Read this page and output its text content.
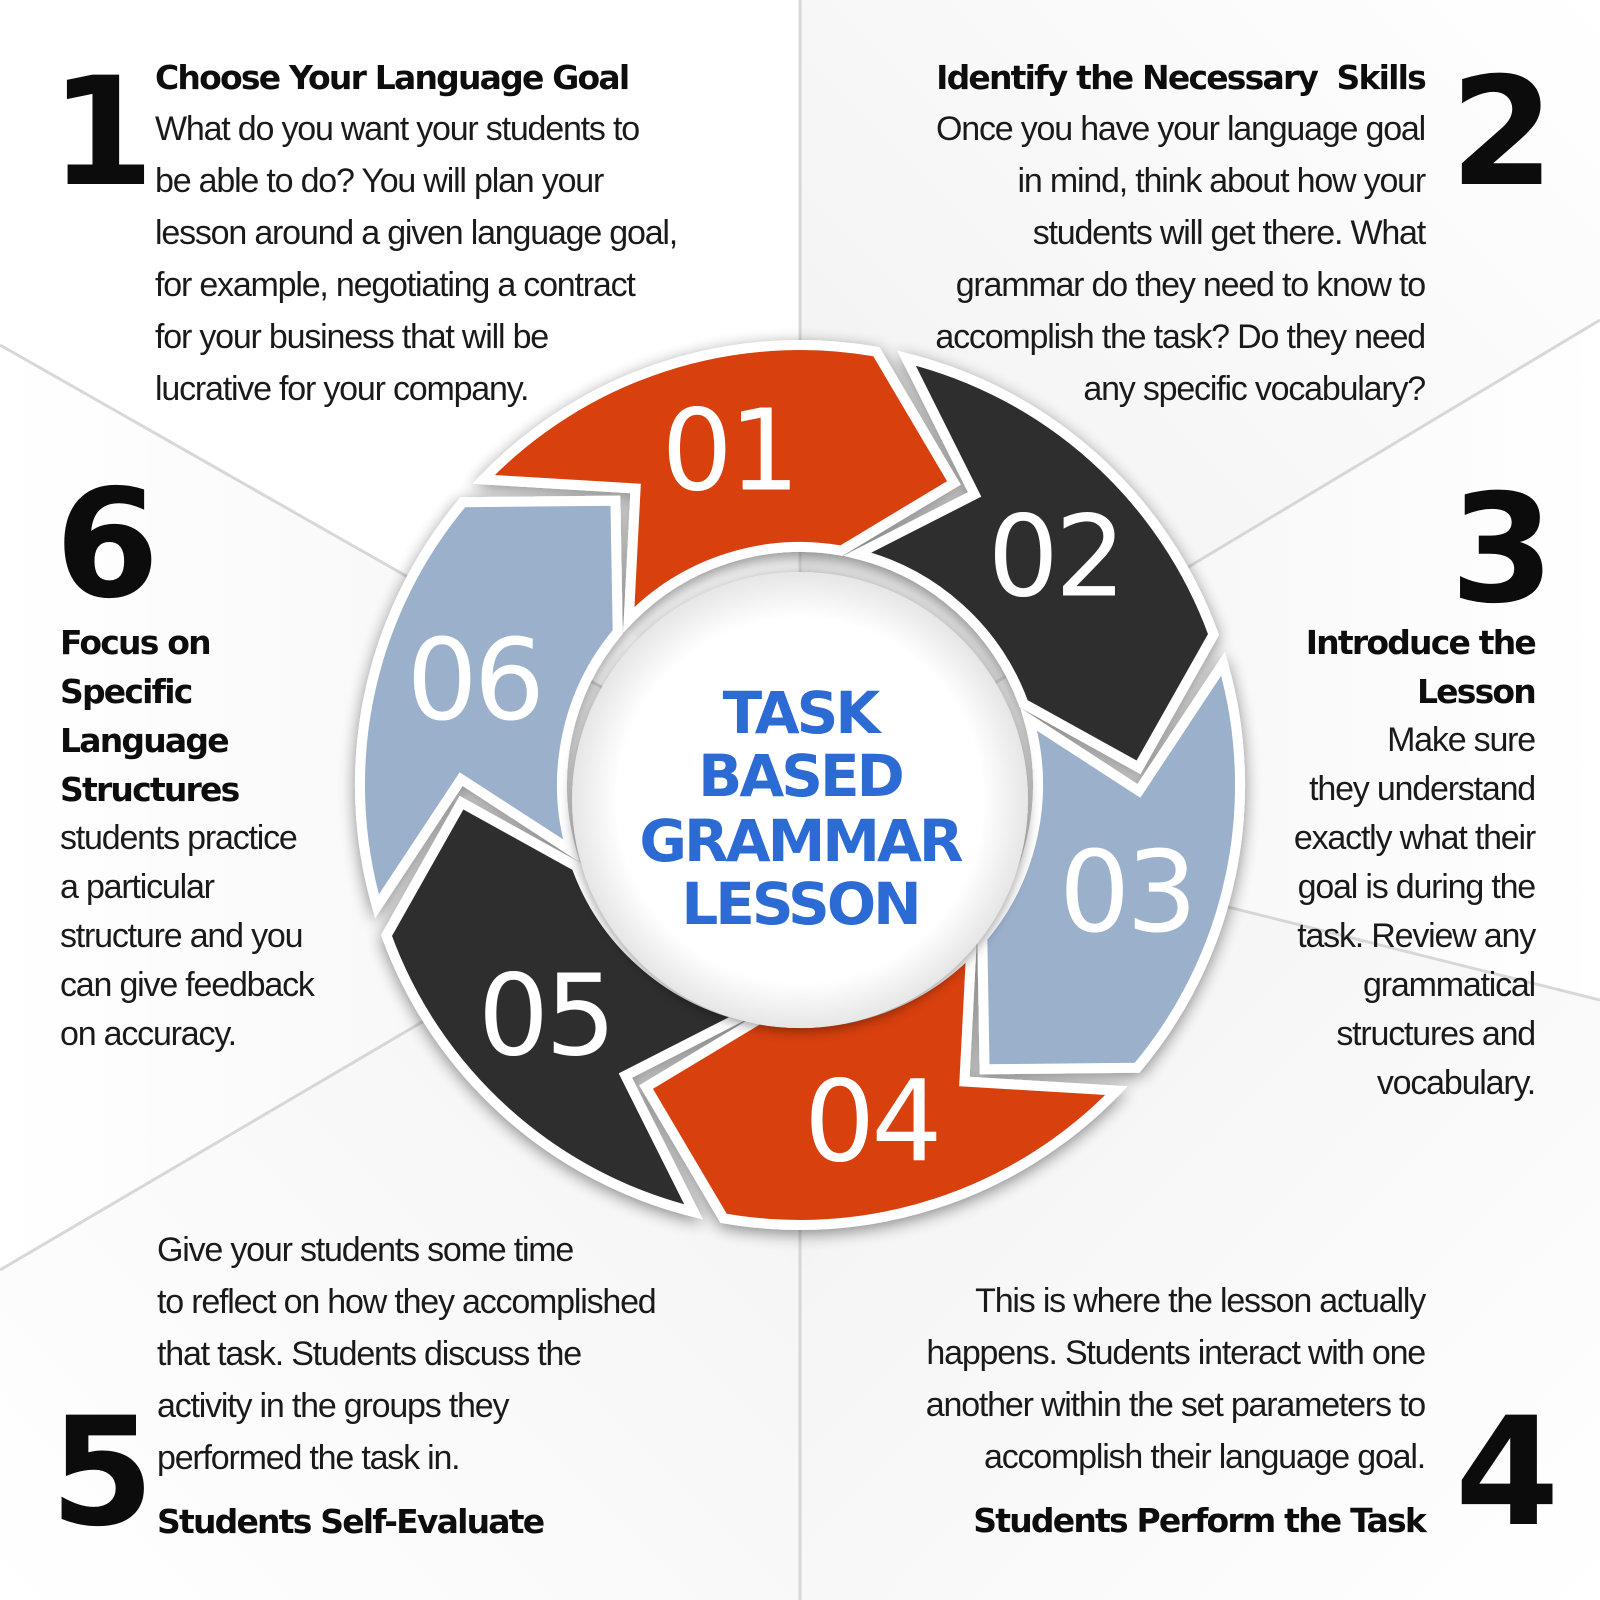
01
02
03
04
05
06	TASK
BASED
GRAMMAR
LESSON
1 Choose Your Language Goal
What do you want your students to
be able to do? You will plan your
lesson around a given language goal,
for example, negotiating a contract
for your business that will be
lucrative for your company.
2
Identify the Necessary  Skills
Once you have your language goal
in mind, think about how your
students will get there. What
grammar do they need to know to
accomplish the task? Do they need
any specific vocabulary?
3
Introduce the
Lesson
Make sure
they understand
exactly what their
goal is during the
task. Review any
grammatical
structures and
vocabulary.
4
This is where the lesson actually
happens. Students interact with one
another within the set parameters to
accomplish their language goal.
Students Perform the Task
5
Give your students some time
to reflect on how they accomplished
that task. Students discuss the
activity in the groups they
performed the task in.
Students Self-Evaluate
6
Focus on
Specific
Language
Structures
students practice
a particular
structure and you
can give feedback
on accuracy.
